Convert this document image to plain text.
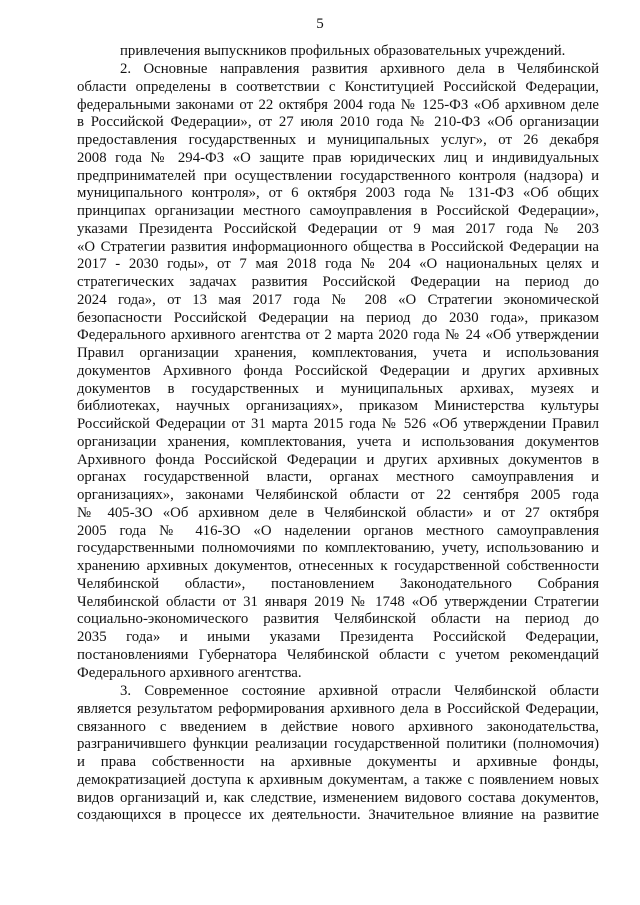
5
привлечения выпускников профильных образовательных учреждений.
2. Основные направления развития архивного дела в Челябинской
области определены в соответствии с Конституцией Российской Федерации,
федеральными законами от 22 октября 2004 года № 125-ФЗ «Об архивном деле
в Российской Федерации», от 27 июля 2010 года № 210-ФЗ «Об организации
предоставления государственных и муниципальных услуг», от 26 декабря
2008 года № 294-ФЗ «О защите прав юридических лиц и индивидуальных
предпринимателей при осуществлении государственного контроля (надзора) и
муниципального контроля», от 6 октября 2003 года № 131-ФЗ «Об общих
принципах организации местного самоуправления в Российской Федерации»,
указами Президента Российской Федерации от 9 мая 2017 года № 203
«О Стратегии развития информационного общества в Российской Федерации на
2017 - 2030 годы», от 7 мая 2018 года № 204 «О национальных целях и
стратегических задачах развития Российской Федерации на период до
2024 года», от 13 мая 2017 года № 208 «О Стратегии экономической
безопасности Российской Федерации на период до 2030 года», приказом
Федерального архивного агентства от 2 марта 2020 года № 24 «Об утверждении
Правил организации хранения, комплектования, учета и использования
документов Архивного фонда Российской Федерации и других архивных
документов в государственных и муниципальных архивах, музеях и
библиотеках, научных организациях», приказом Министерства культуры
Российской Федерации от 31 марта 2015 года № 526 «Об утверждении Правил
организации хранения, комплектования, учета и использования документов
Архивного фонда Российской Федерации и других архивных документов в
органах государственной власти, органах местного самоуправления и
организациях», законами Челябинской области от 22 сентября 2005 года
№ 405-ЗО «Об архивном деле в Челябинской области» и от 27 октября
2005 года № 416-ЗО «О наделении органов местного самоуправления
государственными полномочиями по комплектованию, учету, использованию и
хранению архивных документов, отнесенных к государственной собственности
Челябинской области», постановлением Законодательного Собрания
Челябинской области от 31 января 2019 № 1748 «Об утверждении Стратегии
социально-экономического развития Челябинской области на период до
2035 года» и иными указами Президента Российской Федерации,
постановлениями Губернатора Челябинской области с учетом рекомендаций
Федерального архивного агентства.
3. Современное состояние архивной отрасли Челябинской области
является результатом реформирования архивного дела в Российской Федерации,
связанного с введением в действие нового архивного законодательства,
разграничившего функции реализации государственной политики (полномочия)
и права собственности на архивные документы и архивные фонды,
демократизацией доступа к архивным документам, а также с появлением новых
видов организаций и, как следствие, изменением видового состава документов,
создающихся в процессе их деятельности. Значительное влияние на развитие
